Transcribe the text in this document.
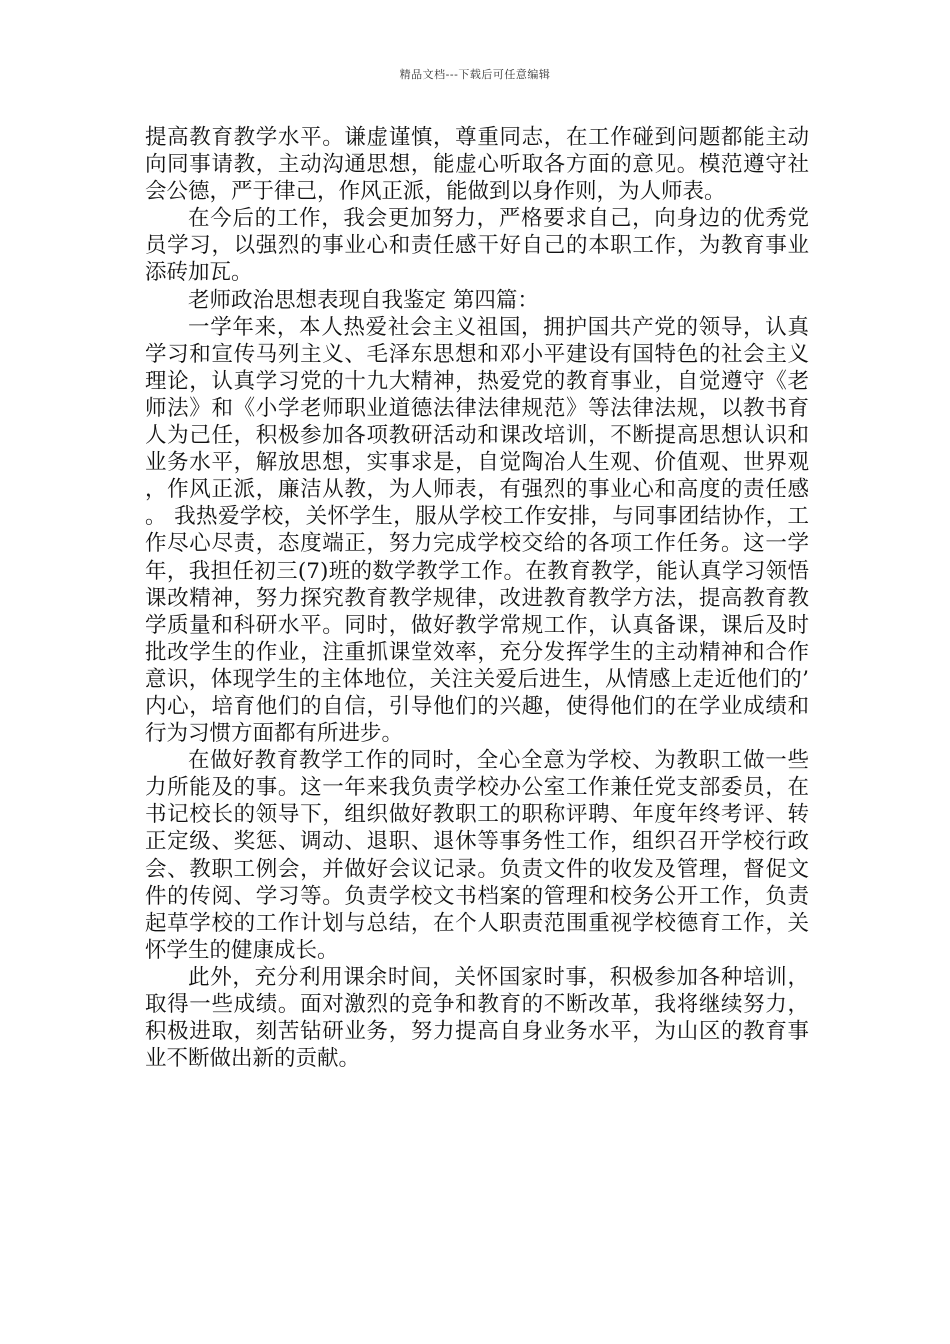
精品文档---下载后可任意编辑

提高教育教学水平。谦虚谨慎，尊重同志，在工作碰到问题都能主动向同事请教，主动沟通思想，能虚心听取各方面的意见。模范遵守社会公德，严于律己，作风正派，能做到以身作则，为人师表。

在今后的工作，我会更加努力，严格要求自己，向身边的优秀党员学习，以强烈的事业心和责任感干好自己的本职工作，为教育事业添砖加瓦。

老师政治思想表现自我鉴定 第四篇：

一学年来，本人热爱社会主义祖国，拥护国共产党的领导，认真学习和宣传马列主义、毛泽东思想和邓小平建设有国特色的社会主义理论，认真学习党的十九大精神，热爱党的教育事业，自觉遵守《老师法》和《小学老师职业道德法律法律规范》等法律法规，以教书育人为己任，积极参加各项教研活动和课改培训，不断提高思想认识和业务水平，解放思想，实事求是，自觉陶冶人生观、价值观、世界观，作风正派，廉洁从教，为人师表，有强烈的事业心和高度的责任感。 我热爱学校，关怀学生，服从学校工作安排，与同事团结协作，工作尽心尽责，态度端正，努力完成学校交给的各项工作任务。这一学年，我担任初三(7)班的数学教学工作。在教育教学，能认真学习领悟课改精神，努力探究教育教学规律，改进教育教学方法，提高教育教学质量和科研水平。同时，做好教学常规工作，认真备课，课后及时批改学生的作业，注重抓课堂效率，充分发挥学生的主动精神和合作意识，体现学生的主体地位，关注关爱后进生，从情感上走近他们的’内心，培育他们的自信，引导他们的兴趣，使得他们的在学业成绩和行为习惯方面都有所进步。

在做好教育教学工作的同时，全心全意为学校、为教职工做一些力所能及的事。这一年来我负责学校办公室工作兼任党支部委员，在书记校长的领导下，组织做好教职工的职称评聘、年度年终考评、转正定级、奖惩、调动、退职、退休等事务性工作，组织召开学校行政会、教职工例会，并做好会议记录。负责文件的收发及管理，督促文件的传阅、学习等。负责学校文书档案的管理和校务公开工作，负责起草学校的工作计划与总结，在个人职责范围重视学校德育工作，关怀学生的健康成长。

此外，充分利用课余时间，关怀国家时事，积极参加各种培训，取得一些成绩。面对激烈的竞争和教育的不断改革，我将继续努力，积极进取，刻苦钻研业务，努力提高自身业务水平，为山区的教育事业不断做出新的贡献。
